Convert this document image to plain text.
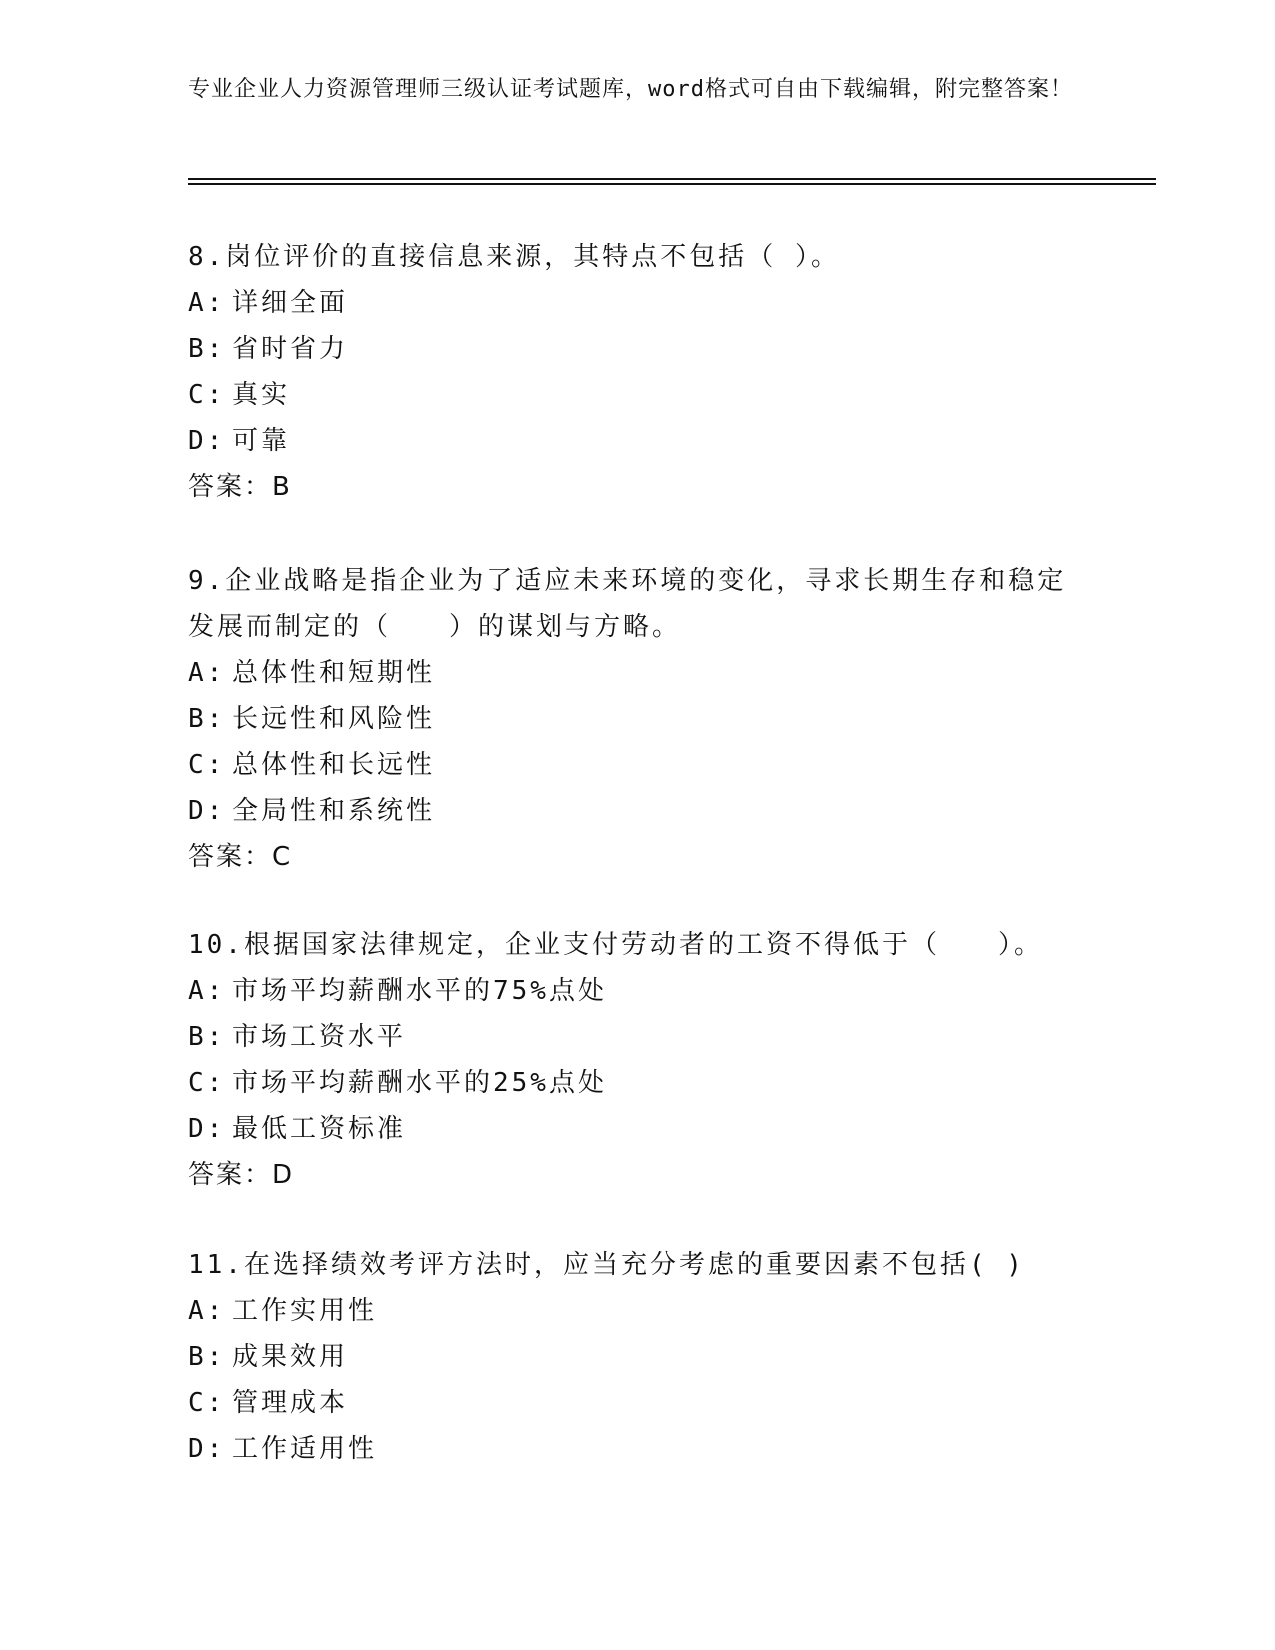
专业企业人力资源管理师三级认证考试题库，word格式可自由下载编辑，附完整答案！

8.岗位评价的直接信息来源，其特点不包括（ ）。

A: 详细全面

B: 省时省力

C: 真实

D: 可靠

答案：B

9.企业战略是指企业为了适应未来环境的变化，寻求长期生存和稳定发展而制定的（　　）的谋划与方略。

A: 总体性和短期性

B: 长远性和风险性

C: 总体性和长远性

D: 全局性和系统性

答案：C

10.根据国家法律规定，企业支付劳动者的工资不得低于（　　）。

A: 市场平均薪酬水平的75%点处

B: 市场工资水平

C: 市场平均薪酬水平的25%点处

D: 最低工资标准

答案：D

11.在选择绩效考评方法时，应当充分考虑的重要因素不包括( )

A: 工作实用性

B: 成果效用

C: 管理成本

D: 工作适用性
